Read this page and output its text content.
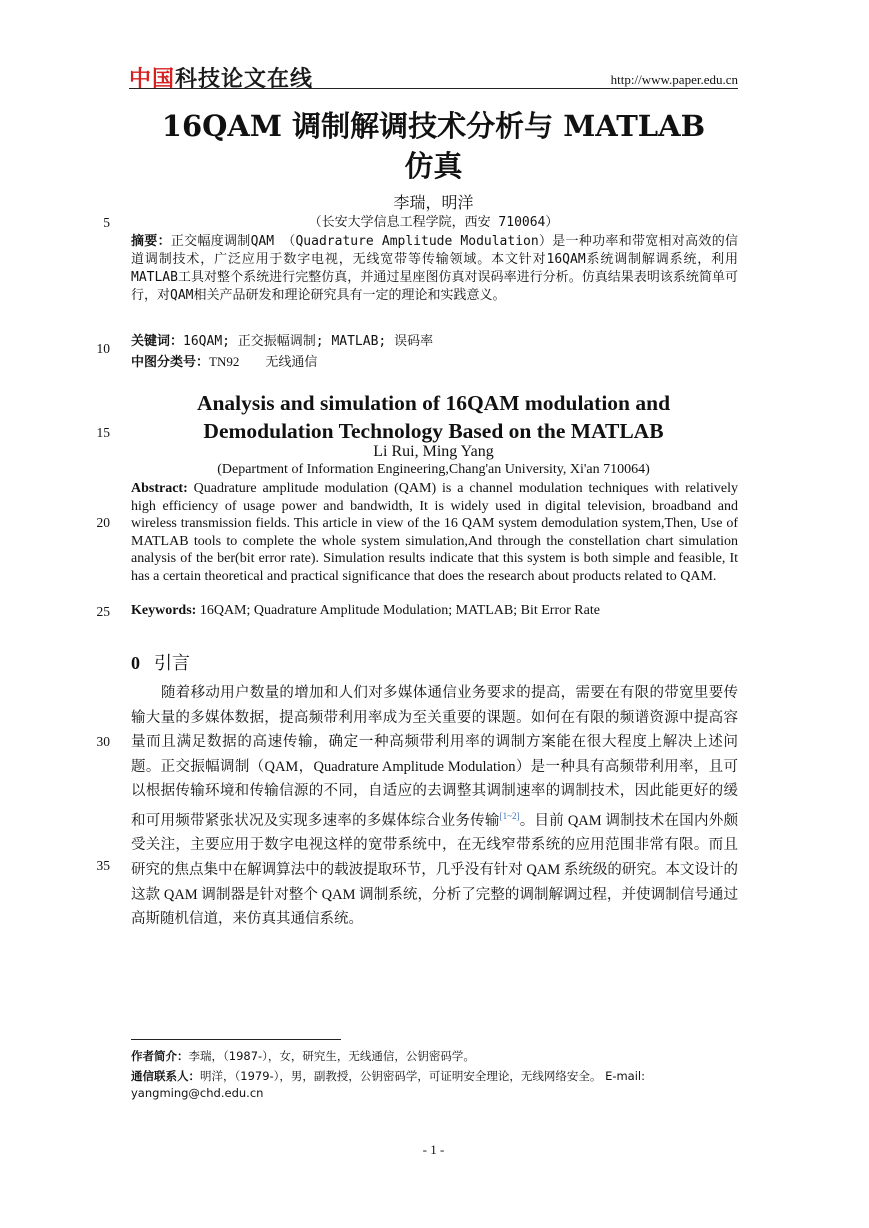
中国科技论文在线	http://www.paper.edu.cn
16QAM 调制解调技术分析与 MATLAB
仿真
李瑞，明洋
（长安大学信息工程学院，西安 710064）
5
10
15
20
25
30
35
摘要：正交幅度调制QAM （Quadrature Amplitude Modulation）是一种功率和带宽相对高效的信道调制技术，广泛应用于数字电视，无线宽带等传输领域。本文针对16QAM系统调制解调系统，利用MATLAB工具对整个系统进行完整仿真，并通过星座图仿真对误码率进行分析。仿真结果表明该系统简单可行，对QAM相关产品研发和理论研究具有一定的理论和实践意义。
关键词：16QAM; 正交振幅调制; MATLAB; 误码率
中图分类号：TN92 无线通信
Analysis and simulation of 16QAM modulation and
Demodulation Technology Based on the MATLAB
Li Rui, Ming Yang
(Department of Information Engineering,Chang'an University, Xi'an 710064)
Abstract: Quadrature amplitude modulation (QAM) is a channel modulation techniques with relatively high efficiency of usage power and bandwidth, It is widely used in digital television, broadband and wireless transmission fields. This article in view of the 16 QAM system demodulation system,Then, Use of MATLAB tools to complete the whole system simulation,And through the constellation chart simulation analysis of the ber(bit error rate). Simulation results indicate that this system is both simple and feasible, It has a certain theoretical and practical significance that does the research about products related to QAM.
Keywords: 16QAM; Quadrature Amplitude Modulation; MATLAB; Bit Error Rate
0 引言
随着移动用户数量的增加和人们对多媒体通信业务要求的提高，需要在有限的带宽里要传输大量的多媒体数据，提高频带利用率成为至关重要的课题。如何在有限的频谱资源中提高容量而且满足数据的高速传输，确定一种高频带利用率的调制方案能在很大程度上解决上述问题。正交振幅调制（QAM，Quadrature Amplitude Modulation）是一种具有高频带利用率，且可以根据传输环境和传输信源的不同，自适应的去调整其调制速率的调制技术，因此能更好的缓和可用频带紧张状况及实现多速率的多媒体综合业务传输[1~2]。目前 QAM 调制技术在国内外颇受关注，主要应用于数字电视这样的宽带系统中，在无线窄带系统的应用范围非常有限。而且研究的焦点集中在解调算法中的载波提取环节，几乎没有针对 QAM 系统级的研究。本文设计的这款 QAM 调制器是针对整个 QAM 调制系统，分析了完整的调制解调过程，并使调制信号通过高斯随机信道，来仿真其通信系统。
作者简介：李瑞，（1987-），女，研究生，无线通信，公钥密码学。
通信联系人：明洋，（1979-），男，副教授，公钥密码学，可证明安全理论，无线网络安全。 E-mail: yangming@chd.edu.cn
- 1 -
